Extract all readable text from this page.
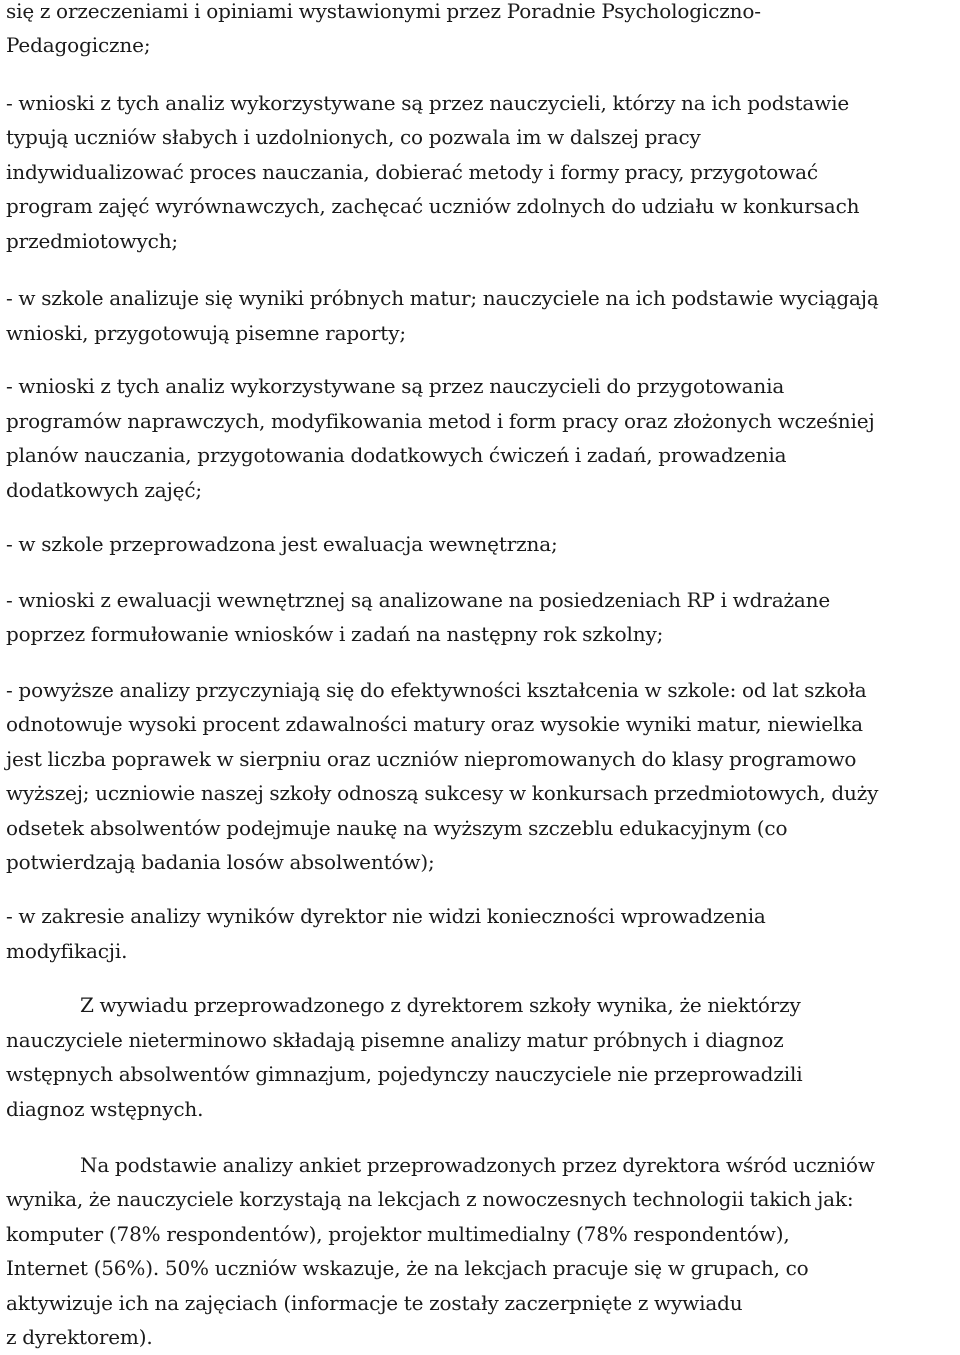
się z orzeczeniami i opiniami wystawionymi przez Poradnie Psychologiczno-
Pedagogiczne;
- wnioski z tych analiz wykorzystywane są przez nauczycieli, którzy na ich podstawie
typują uczniów słabych i uzdolnionych, co pozwala im w dalszej pracy
indywidualizować proces nauczania, dobierać metody i formy pracy, przygotować
program zajęć wyrównawczych, zachęcać uczniów zdolnych do udziału w konkursach
przedmiotowych;
- w szkole analizuje się wyniki próbnych matur; nauczyciele na ich podstawie wyciągają
wnioski, przygotowują pisemne raporty;
- wnioski z tych analiz wykorzystywane są przez nauczycieli do przygotowania
programów naprawczych, modyfikowania metod i form pracy oraz złożonych wcześniej
planów nauczania, przygotowania dodatkowych ćwiczeń i zadań, prowadzenia
dodatkowych zajęć;
- w szkole przeprowadzona jest ewaluacja wewnętrzna;
- wnioski z ewaluacji wewnętrznej są analizowane na posiedzeniach RP i wdrażane
poprzez formułowanie wniosków i zadań na następny rok szkolny;
- powyższe analizy przyczyniają się do efektywności kształcenia w szkole: od lat szkoła
odnotowuje wysoki procent zdawalności matury oraz wysokie wyniki matur, niewielka
jest liczba poprawek w sierpniu oraz uczniów niepromowanych do klasy programowo
wyższej; uczniowie naszej szkoły odnoszą sukcesy w konkursach przedmiotowych, duży
odsetek absolwentów podejmuje naukę na wyższym szczeblu edukacyjnym (co
potwierdzają badania losów absolwentów);
- w zakresie analizy wyników dyrektor nie widzi konieczności wprowadzenia
modyfikacji.
Z wywiadu przeprowadzonego z dyrektorem szkoły wynika, że niektórzy
nauczyciele nieterminowo składają pisemne analizy matur próbnych i diagnoz
wstępnych absolwentów gimnazjum, pojedynczy nauczyciele nie przeprowadzili
diagnoz wstępnych.
Na podstawie analizy ankiet przeprowadzonych przez dyrektora wśród uczniów
wynika, że nauczyciele korzystają na lekcjach z nowoczesnych technologii takich jak:
komputer (78% respondentów), projektor multimedialny (78% respondentów),
Internet (56%). 50% uczniów wskazuje, że na lekcjach pracuje się w grupach, co
aktywizuje ich na zajęciach (informacje te zostały zaczerpnięte z wywiadu
z dyrektorem).
